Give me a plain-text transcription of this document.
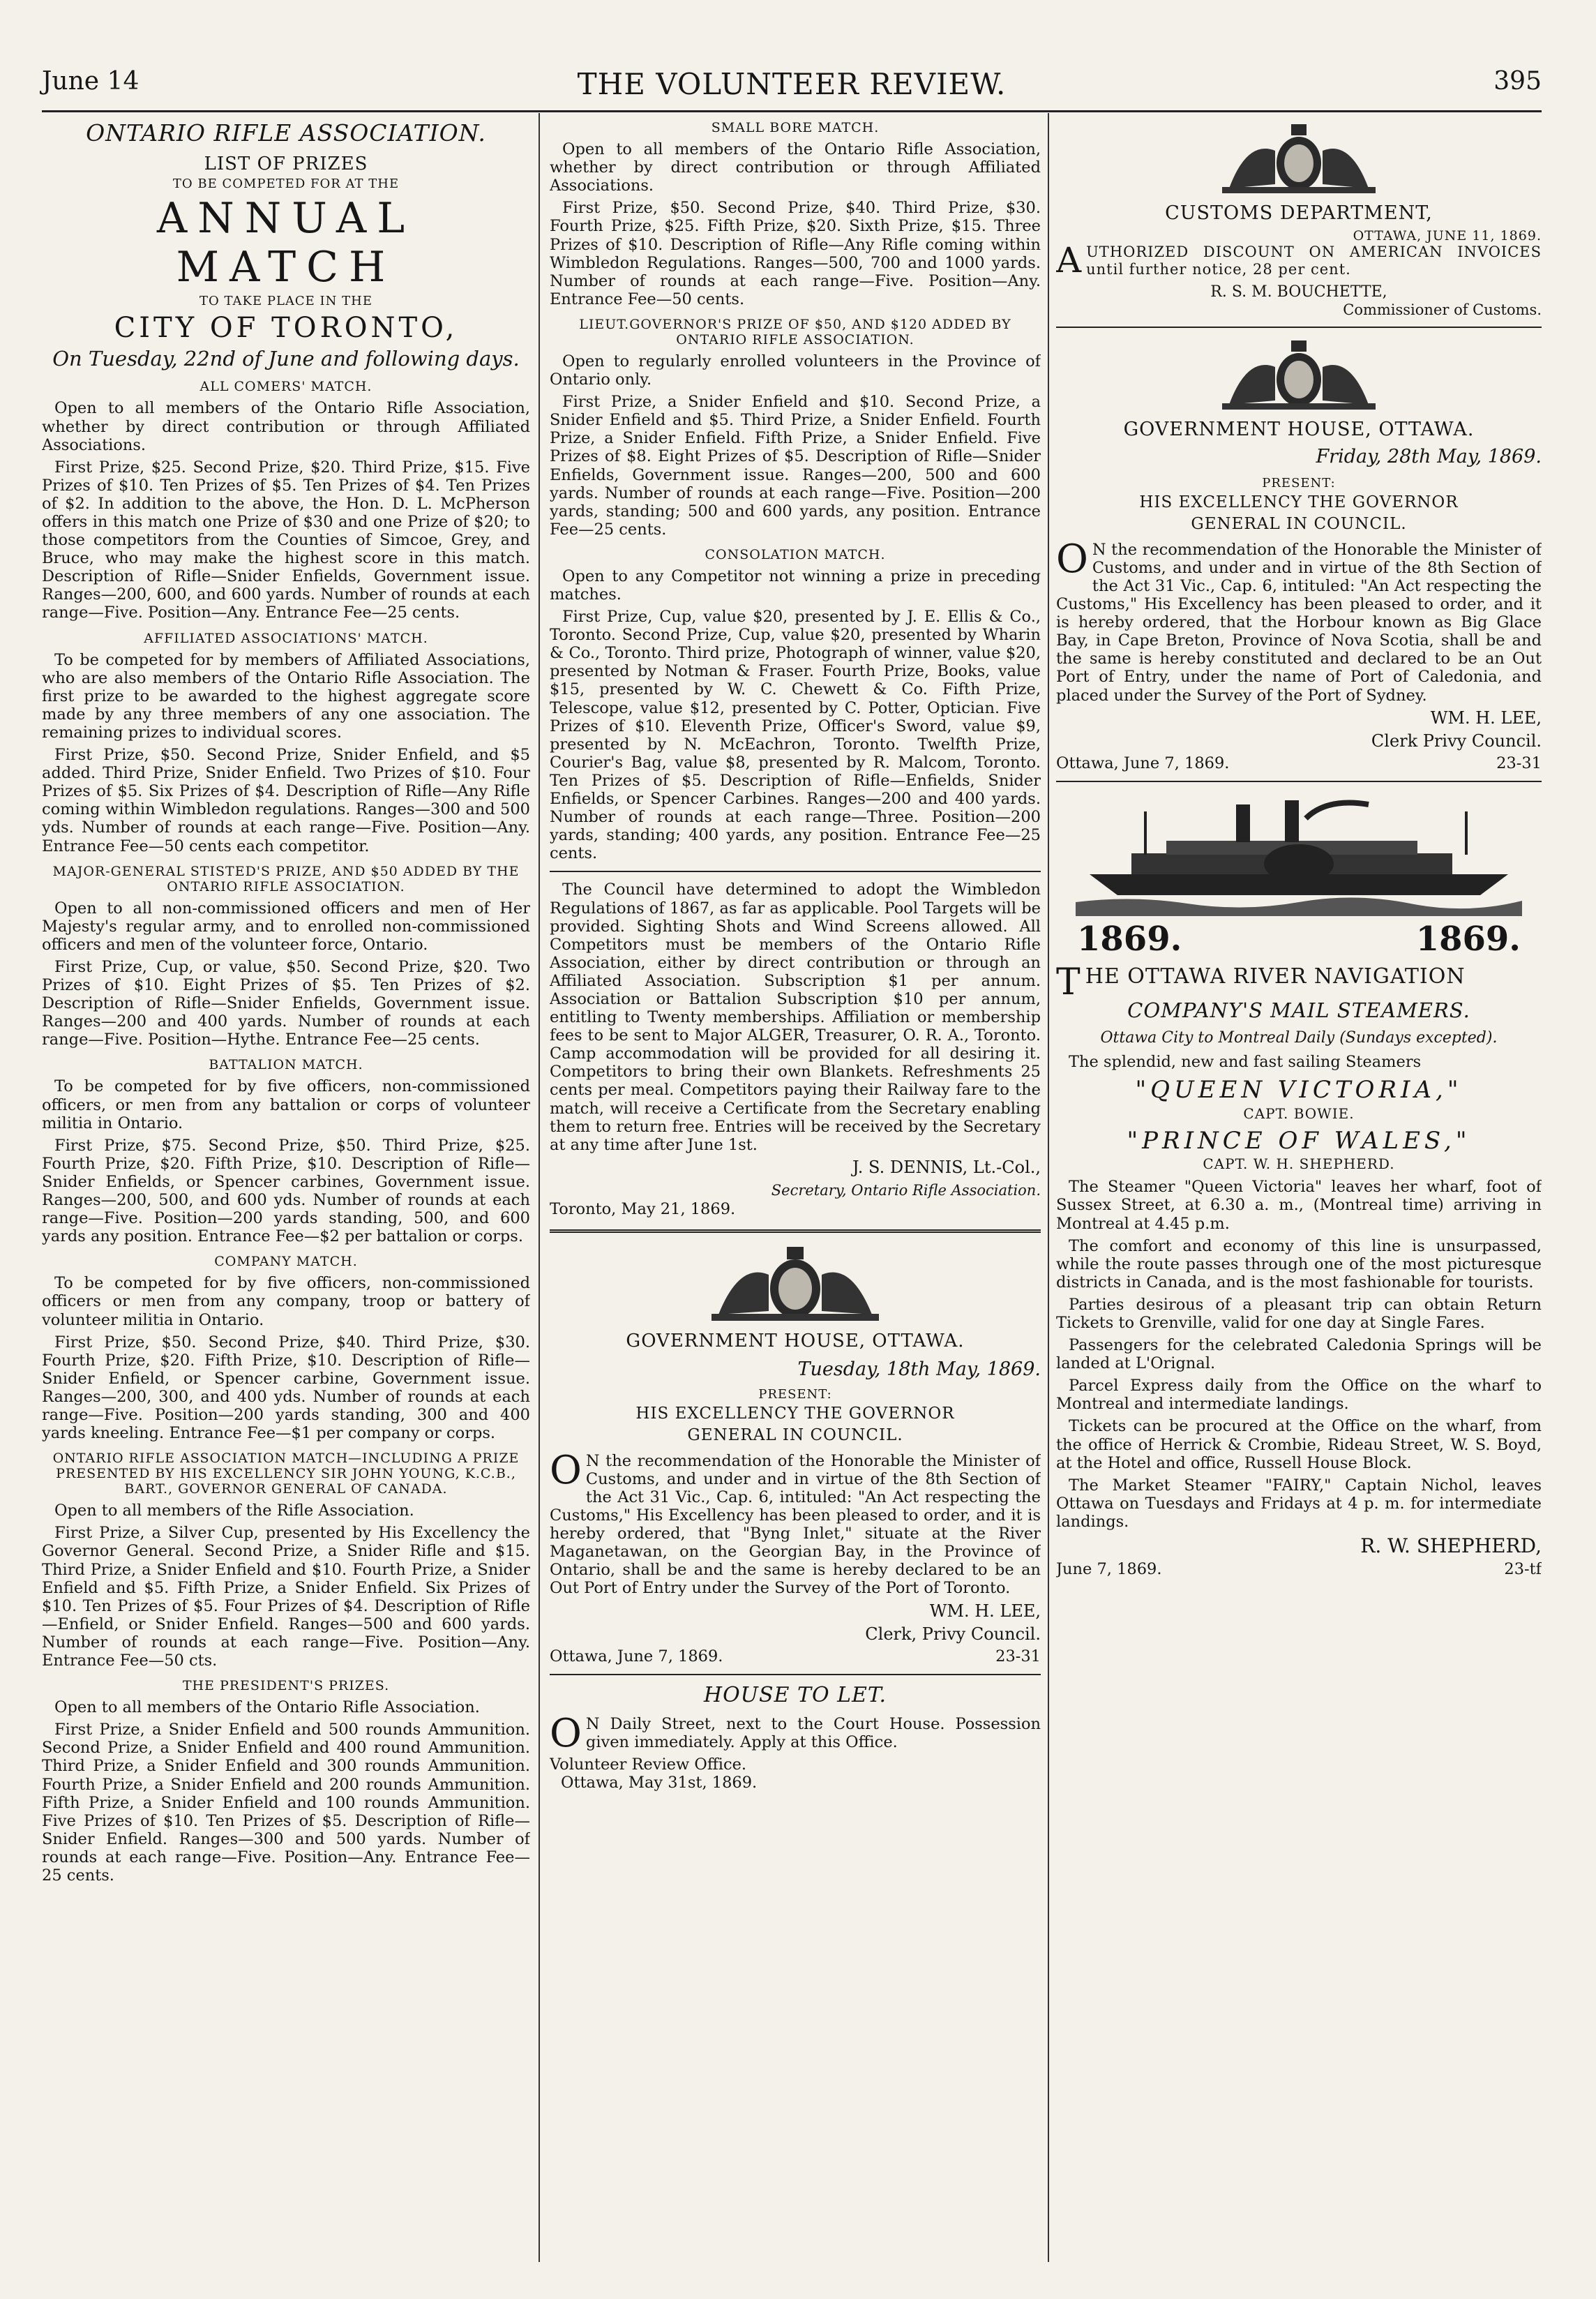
June 14	THE VOLUNTEER REVIEW.	395
ONTARIO RIFLE ASSOCIATION.
LIST OF PRIZES
TO BE COMPETED FOR AT THE
ANNUAL MATCH
TO TAKE PLACE IN THE
CITY OF TORONTO,
On Tuesday, 22nd of June and following days.
ALL COMERS' MATCH.

Open to all members of the Ontario Rifle Association, whether by direct contribution or through Affiliated Associations.

First Prize, $25. Second Prize, $20. Third Prize, $15. Five Prizes of $10. Ten Prizes of $5. Ten Prizes of $4. Ten Prizes of $2. In addition to the above, the Hon. D. L. McPherson offers in this match one Prize of $30 and one Prize of $20; to those competitors from the Counties of Simcoe, Grey, and Bruce, who may make the highest score in this match. Description of Rifle—Snider Enfields, Government issue. Ranges—200, 600, and 600 yards. Number of rounds at each range—Five. Position—Any. Entrance Fee—25 cents.

AFFILIATED ASSOCIATIONS' MATCH.

To be competed for by members of Affiliated Associations, who are also members of the Ontario Rifle Association. The first prize to be awarded to the highest aggregate score made by any three members of any one association. The remaining prizes to individual scores.

First Prize, $50. Second Prize, Snider Enfield, and $5 added. Third Prize, Snider Enfield. Two Prizes of $10. Four Prizes of $5. Six Prizes of $4. Description of Rifle—Any Rifle coming within Wimbledon regulations. Ranges—300 and 500 yds. Number of rounds at each range—Five. Position—Any. Entrance Fee—50 cents each competitor.

MAJOR-GENERAL STISTED'S PRIZE, AND $50 ADDED BY THE ONTARIO RIFLE ASSOCIATION.

Open to all non-commissioned officers and men of Her Majesty's regular army, and to enrolled non-commissioned officers and men of the volunteer force, Ontario.

First Prize, Cup, or value, $50. Second Prize, $20. Two Prizes of $10. Eight Prizes of $5. Ten Prizes of $2. Description of Rifle—Snider Enfields, Government issue. Ranges—200 and 400 yards. Number of rounds at each range—Five. Position—Hythe. Entrance Fee—25 cents.

BATTALION MATCH.

To be competed for by five officers, non-commissioned officers, or men from any battalion or corps of volunteer militia in Ontario.

First Prize, $75. Second Prize, $50. Third Prize, $25. Fourth Prize, $20. Fifth Prize, $10. Description of Rifle—Snider Enfields, or Spencer carbines, Government issue. Ranges—200, 500, and 600 yds. Number of rounds at each range—Five. Position—200 yards standing, 500, and 600 yards any position. Entrance Fee—$2 per battalion or corps.

COMPANY MATCH.

To be competed for by five officers, non-commissioned officers or men from any company, troop or battery of volunteer militia in Ontario.

First Prize, $50. Second Prize, $40. Third Prize, $30. Fourth Prize, $20. Fifth Prize, $10. Description of Rifle—Snider Enfield, or Spencer carbine, Government issue. Ranges—200, 300, and 400 yds. Number of rounds at each range—Five. Position—200 yards standing, 300 and 400 yards kneeling. Entrance Fee—$1 per company or corps.

ONTARIO RIFLE ASSOCIATION MATCH—INCLUDING A PRIZE PRESENTED BY HIS EXCELLENCY SIR JOHN YOUNG, K.C.B., BART., GOVERNOR GENERAL OF CANADA.

Open to all members of the Rifle Association.

First Prize, a Silver Cup, presented by His Excellency the Governor General. Second Prize, a Snider Rifle and $15. Third Prize, a Snider Enfield and $10. Fourth Prize, a Snider Enfield and $5. Fifth Prize, a Snider Enfield. Six Prizes of $10. Ten Prizes of $5. Four Prizes of $4. Description of Rifle—Enfield, or Snider Enfield. Ranges—500 and 600 yards. Number of rounds at each range—Five. Position—Any. Entrance Fee—50 cts.

THE PRESIDENT'S PRIZES.

Open to all members of the Ontario Rifle Association.

First Prize, a Snider Enfield and 500 rounds Ammunition. Second Prize, a Snider Enfield and 400 round Ammunition. Third Prize, a Snider Enfield and 300 rounds Ammunition. Fourth Prize, a Snider Enfield and 200 rounds Ammunition. Fifth Prize, a Snider Enfield and 100 rounds Ammunition. Five Prizes of $10. Ten Prizes of $5. Description of Rifle—Snider Enfield. Ranges—300 and 500 yards. Number of rounds at each range—Five. Position—Any. Entrance Fee—25 cents.

SMALL BORE MATCH.

Open to all members of the Ontario Rifle Association, whether by direct contribution or through Affiliated Associations.

First Prize, $50. Second Prize, $40. Third Prize, $30. Fourth Prize, $25. Fifth Prize, $20. Sixth Prize, $15. Three Prizes of $10. Description of Rifle—Any Rifle coming within Wimbledon Regulations. Ranges—500, 700 and 1000 yards. Number of rounds at each range—Five. Position—Any. Entrance Fee—50 cents.

LIEUT.GOVERNOR'S PRIZE OF $50, AND $120 ADDED BY ONTARIO RIFLE ASSOCIATION.

Open to regularly enrolled volunteers in the Province of Ontario only.

First Prize, a Snider Enfield and $10. Second Prize, a Snider Enfield and $5. Third Prize, a Snider Enfield. Fourth Prize, a Snider Enfield. Fifth Prize, a Snider Enfield. Five Prizes of $8. Eight Prizes of $5. Description of Rifle—Snider Enfields, Government issue. Ranges—200, 500 and 600 yards. Number of rounds at each range—Five. Position—200 yards, standing; 500 and 600 yards, any position. Entrance Fee—25 cents.

CONSOLATION MATCH.

Open to any Competitor not winning a prize in preceding matches.

First Prize, Cup, value $20, presented by J. E. Ellis & Co., Toronto. Second Prize, Cup, value $20, presented by Wharin & Co., Toronto. Third prize, Photograph of winner, value $20, presented by Notman & Fraser. Fourth Prize, Books, value $15, presented by W. C. Chewett & Co. Fifth Prize, Telescope, value $12, presented by C. Potter, Optician. Five Prizes of $10. Eleventh Prize, Officer's Sword, value $9, presented by N. McEachron, Toronto. Twelfth Prize, Courier's Bag, value $8, presented by R. Malcom, Toronto. Ten Prizes of $5. Description of Rifle—Enfields, Snider Enfields, or Spencer Carbines. Ranges—200 and 400 yards. Number of rounds at each range—Three. Position—200 yards, standing; 400 yards, any position. Entrance Fee—25 cents.

The Council have determined to adopt the Wimbledon Regulations of 1867, as far as applicable. Pool Targets will be provided. Sighting Shots and Wind Screens allowed. All Competitors must be members of the Ontario Rifle Association, either by direct contribution or through an Affiliated Association. Subscription $1 per annum. Association or Battalion Subscription $10 per annum, entitling to Twenty memberships. Affiliation or membership fees to be sent to Major ALGER, Treasurer, O. R. A., Toronto. Camp accommodation will be provided for all desiring it. Competitors to bring their own Blankets. Refreshments 25 cents per meal. Competitors paying their Railway fare to the match, will receive a Certificate from the Secretary enabling them to return free. Entries will be received by the Secretary at any time after June 1st.

J. S. DENNIS, Lt.-Col.,
Secretary, Ontario Rifle Association.

Toronto, May 21, 1869.

GOVERNMENT HOUSE, OTTAWA.
Tuesday, 18th May, 1869.
PRESENT:
HIS EXCELLENCY THE GOVERNOR
GENERAL IN COUNCIL.

O N the recommendation of the Honorable the Minister of Customs, and under and in virtue of the 8th Section of the Act 31 Vic., Cap. 6, intituled: "An Act respecting the Customs," His Excellency has been pleased to order, and it is hereby ordered, that "Byng Inlet," situate at the River Maganetawan, on the Georgian Bay, in the Province of Ontario, shall be and the same is hereby declared to be an Out Port of Entry under the Survey of the Port of Toronto.

WM. H. LEE,
Clerk, Privy Council.
Ottawa, June 7, 1869.	23-31
HOUSE TO LET.

O N Daily Street, next to the Court House. Possession given immediately. Apply at this Office.

Volunteer Review Office.

Ottawa, May 31st, 1869.

CUSTOMS DEPARTMENT,
OTTAWA, JUNE 11, 1869.

AUTHORIZED DISCOUNT ON AMERICAN INVOICES until further notice, 28 per cent.

R. S. M. BOUCHETTE,
Commissioner of Customs.
GOVERNMENT HOUSE, OTTAWA.
Friday, 28th May, 1869.
PRESENT:
HIS EXCELLENCY THE GOVERNOR
GENERAL IN COUNCIL.

O N the recommendation of the Honorable the Minister of Customs, and under and in virtue of the 8th Section of the Act 31 Vic., Cap. 6, intituled: "An Act respecting the Customs," His Excellency has been pleased to order, and it is hereby ordered, that the Horbour known as Big Glace Bay, in Cape Breton, Province of Nova Scotia, shall be and the same is hereby constituted and declared to be an Out Port of Entry, under the name of Port of Caledonia, and placed under the Survey of the Port of Sydney.

WM. H. LEE,
Clerk Privy Council.
Ottawa, June 7, 1869.	23-31
1869.	1869.

THE OTTAWA RIVER NAVIGATION

COMPANY'S MAIL STEAMERS.
Ottawa City to Montreal Daily (Sundays excepted).

The splendid, new and fast sailing Steamers

"QUEEN VICTORIA,"
CAPT. BOWIE.
"PRINCE OF WALES,"
CAPT. W. H. SHEPHERD.

The Steamer "Queen Victoria" leaves her wharf, foot of Sussex Street, at 6.30 a. m., (Montreal time) arriving in Montreal at 4.45 p.m.

The comfort and economy of this line is unsurpassed, while the route passes through one of the most picturesque districts in Canada, and is the most fashionable for tourists.

Parties desirous of a pleasant trip can obtain Return Tickets to Grenville, valid for one day at Single Fares.

Passengers for the celebrated Caledonia Springs will be landed at L'Orignal.

Parcel Express daily from the Office on the wharf to Montreal and intermediate landings.

Tickets can be procured at the Office on the wharf, from the office of Herrick & Crombie, Rideau Street, W. S. Boyd, at the Hotel and office, Russell House Block.

The Market Steamer "FAIRY," Captain Nichol, leaves Ottawa on Tuesdays and Fridays at 4 p. m. for intermediate landings.

R. W. SHEPHERD,
June 7, 1869.	23-tf
